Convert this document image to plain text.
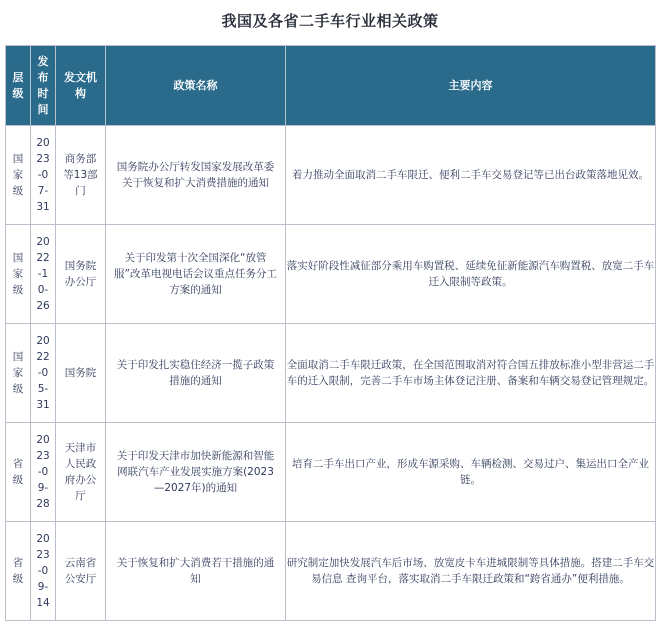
我国及各省二手车行业相关政策
层级	发布时间	发文机构	政策名称	主要内容
国家级	2023-07-31	商务部等13部门	国务院办公厅转发国家发展改革委关于恢复和扩大消费措施的通知	着力推动全面取消二手车限迁、便利二手车交易登记等已出台政策落地见效。
国家级	2022-10-26	国务院办公厅	关于印发第十次全国深化“放管服”改革电视电话会议重点任务分工方案的通知	落实好阶段性减征部分乘用车购置税、延续免征新能源汽车购置税、放宽二手车迁入限制等政策。
国家级	2022-05-31	国务院	关于印发扎实稳住经济一揽子政策措施的通知	全面取消二手车限迁政策，在全国范围取消对符合国五排放标准小型非营运二手车的迁入限制，完善二手车市场主体登记注册、备案和车辆交易登记管理规定。
省级	2023-09-28	天津市人民政府办公厅	关于印发天津市加快新能源和智能网联汽车产业发展实施方案(2023—2027年)的通知	培育二手车出口产业，形成车源采购、车辆检测、交易过户、集运出口全产业链。
省级	2023-09-14	云南省公安厅	关于恢复和扩大消费若干措施的通知	研究制定加快发展汽车后市场、放宽皮卡车进城限制等具体措施。搭建二手车交易信息 查询平台，落实取消二手车限迁政策和“跨省通办”便利措施。
